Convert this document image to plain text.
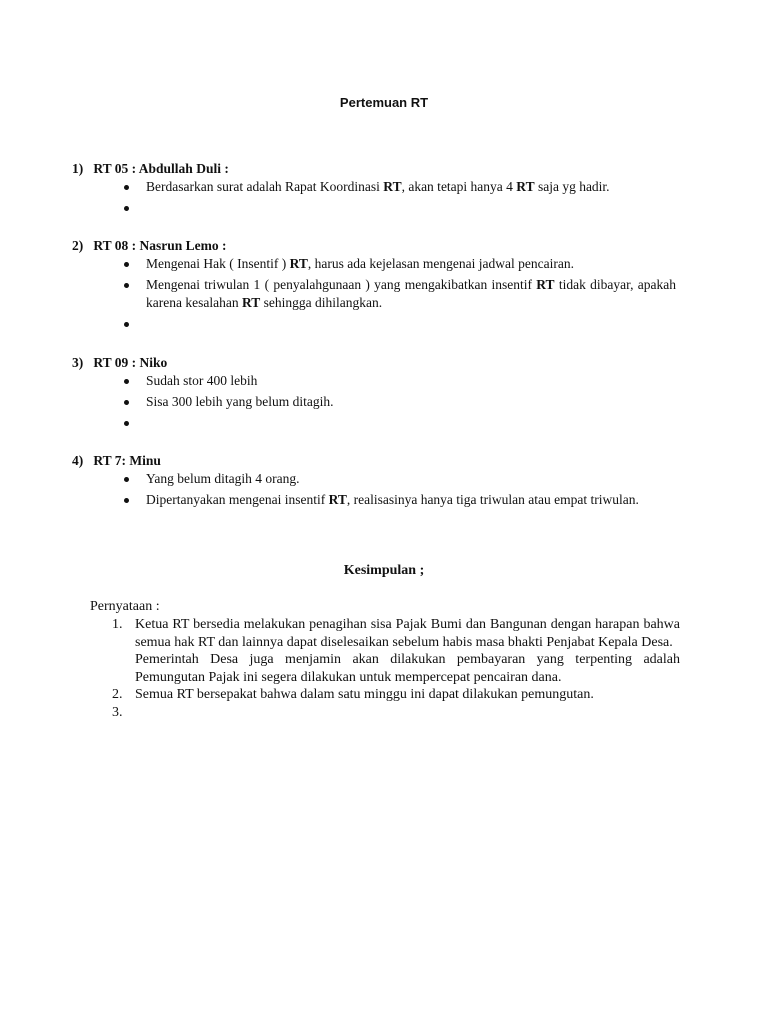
Pertemuan RT
1) RT 05 : Abdullah Duli :
Berdasarkan surat adalah Rapat Koordinasi RT, akan tetapi hanya 4 RT saja yg hadir.
2) RT 08 : Nasrun Lemo :
Mengenai Hak ( Insentif ) RT, harus ada kejelasan mengenai jadwal pencairan.
Mengenai triwulan 1 ( penyalahgunaan ) yang mengakibatkan insentif RT tidak dibayar, apakah karena kesalahan RT sehingga dihilangkan.
3) RT 09 : Niko
Sudah stor 400 lebih
Sisa 300 lebih yang belum ditagih.
4) RT 7: Minu
Yang belum ditagih 4 orang.
Dipertanyakan mengenai insentif RT, realisasinya hanya tiga triwulan atau empat triwulan.
Kesimpulan ;
Pernyataan :
1. Ketua RT bersedia melakukan penagihan sisa Pajak Bumi dan Bangunan dengan harapan bahwa semua hak RT dan lainnya dapat diselesaikan sebelum habis masa bhakti Penjabat Kepala Desa.

Pemerintah Desa juga menjamin akan dilakukan pembayaran yang terpenting adalah Pemungutan Pajak ini segera dilakukan untuk mempercepat pencairan dana.

2. Semua RT bersepakat bahwa dalam satu minggu ini dapat dilakukan pemungutan.

3.
